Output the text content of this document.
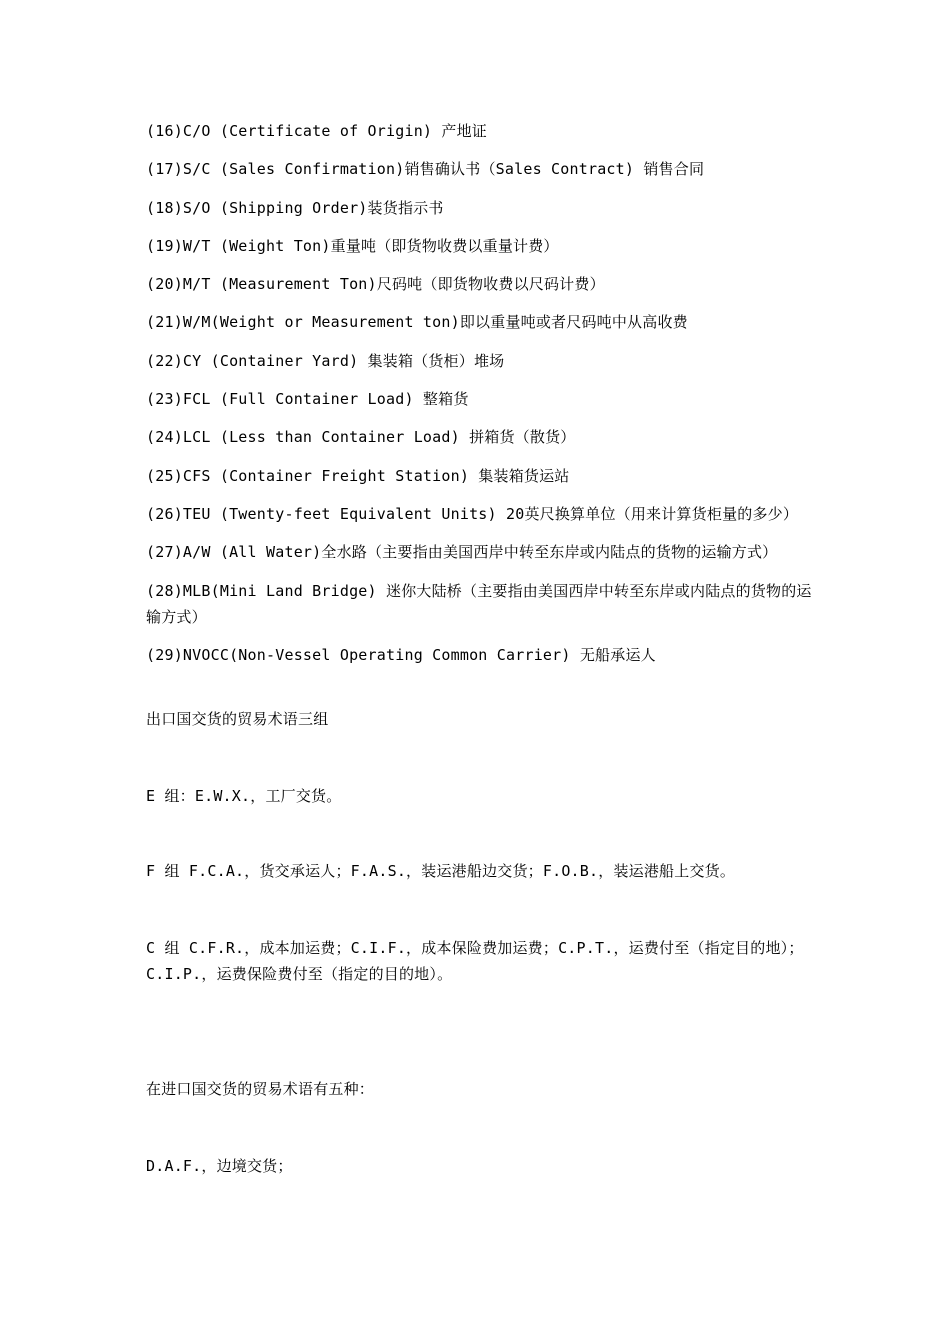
(16)C/O (Certificate of Origin) 产地证
(17)S/C (Sales Confirmation)销售确认书（Sales Contract) 销售合同
(18)S/O (Shipping Order)装货指示书
(19)W/T (Weight Ton)重量吨（即货物收费以重量计费）
(20)M/T (Measurement Ton)尺码吨（即货物收费以尺码计费）
(21)W/M(Weight or Measurement ton)即以重量吨或者尺码吨中从高收费
(22)CY (Container Yard) 集装箱（货柜）堆场
(23)FCL (Full Container Load) 整箱货
(24)LCL (Less than Container Load) 拼箱货（散货）
(25)CFS (Container Freight Station) 集装箱货运站
(26)TEU (Twenty-feet Equivalent Units) 20英尺换算单位（用来计算货柜量的多少）
(27)A/W (All Water)全水路（主要指由美国西岸中转至东岸或内陆点的货物的运输方式）
(28)MLB(Mini Land Bridge) 迷你大陆桥（主要指由美国西岸中转至东岸或内陆点的货物的运输方式）
(29)NVOCC(Non-Vessel Operating Common Carrier) 无船承运人
出口国交货的贸易术语三组
E 组：E.W.X.，工厂交货。
F 组 F.C.A.，货交承运人；F.A.S.，装运港船边交货；F.O.B.，装运港船上交货。
C 组 C.F.R.，成本加运费；C.I.F.，成本保险费加运费；C.P.T.，运费付至（指定目的地）；C.I.P.，运费保险费付至（指定的目的地）。
在进口国交货的贸易术语有五种：
D.A.F.，边境交货；
